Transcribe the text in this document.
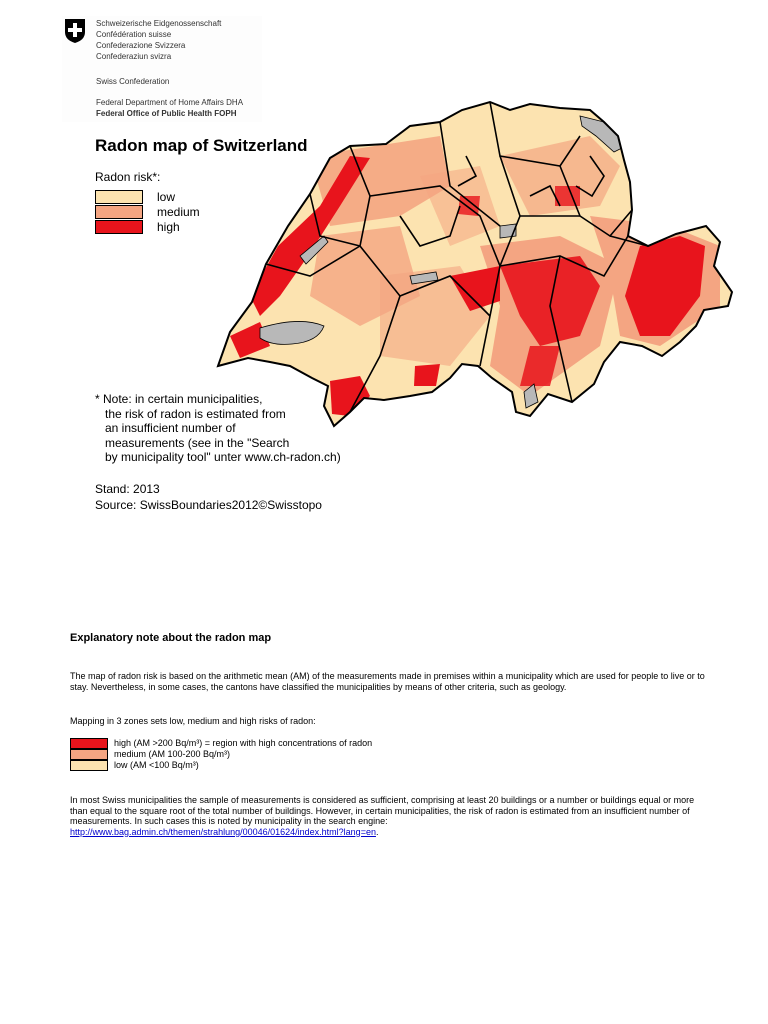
Schweizerische Eidgenossenschaft
Confédération suisse
Confederazione Svizzera
Confederaziun svizra
Swiss Confederation
Federal Department of Home Affairs DHA
Federal Office of Public Health FOPH
Radon map of Switzerland
Radon risk*:
low
medium
high
* Note: in certain municipalities,
the risk of radon is estimated from
an insufficient number of
measurements (see in the "Search
by municipality tool" unter www.ch-radon.ch)
Stand: 2013
Source: SwissBoundaries2012©Swisstopo
Explanatory note about the radon map
The map of radon risk is based on the arithmetic mean (AM) of the measurements made in premises within a municipality which are used for people to live or to stay. Nevertheless, in some cases, the cantons have classified the municipalities by means of other criteria, such as geology.
Mapping in 3 zones sets low, medium and high risks of radon:
high (AM >200 Bq/m³) = region with high concentrations of radon
medium (AM 100-200 Bq/m³)
low (AM <100 Bq/m³)
In most Swiss municipalities the sample of measurements is considered as sufficient, comprising at least 20 buildings or a number or buildings equal or more than equal to the square root of the total number of buildings. However, in certain municipalities, the risk of radon is estimated from an insufficient number of measurements. In such cases this is noted by municipality in the search engine:
http://www.bag.admin.ch/themen/strahlung/00046/01624/index.html?lang=en.
